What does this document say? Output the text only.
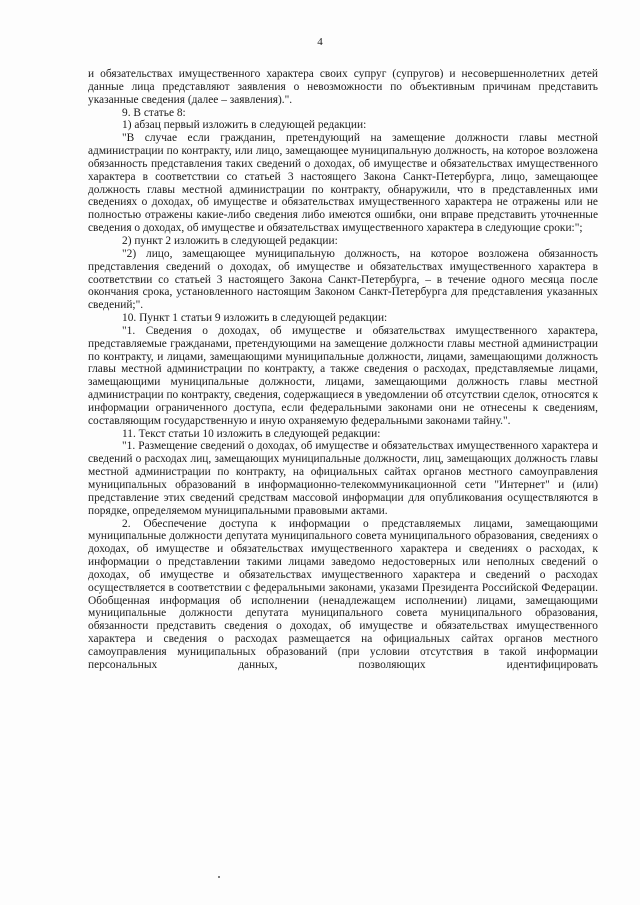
4

и обязательствах имущественного характера своих супруг (супругов) и несовершеннолетних детей данные лица представляют заявления о невозможности по объективным причинам представить указанные сведения (далее – заявления).".

9. В статье 8:

1) абзац первый изложить в следующей редакции:

"В случае если гражданин, претендующий на замещение должности главы местной администрации по контракту, или лицо, замещающее муниципальную должность, на которое возложена обязанность представления таких сведений о доходах, об имуществе и обязательствах имущественного характера в соответствии со статьей 3 настоящего Закона Санкт-Петербурга, лицо, замещающее должность главы местной администрации по контракту, обнаружили, что в представленных ими сведениях о доходах, об имуществе и обязательствах имущественного характера не отражены или не полностью отражены какие-либо сведения либо имеются ошибки, они вправе представить уточненные сведения о доходах, об имуществе и обязательствах имущественного характера в следующие сроки:";

2) пункт 2 изложить в следующей редакции:

"2) лицо, замещающее муниципальную должность, на которое возложена обязанность представления сведений о доходах, об имуществе и обязательствах имущественного характера в соответствии со статьей 3 настоящего Закона Санкт-Петербурга, – в течение одного месяца после окончания срока, установленного настоящим Законом Санкт-Петербурга для представления указанных сведений;".

10. Пункт 1 статьи 9 изложить в следующей редакции:

"1. Сведения о доходах, об имуществе и обязательствах имущественного характера, представляемые гражданами, претендующими на замещение должности главы местной администрации по контракту, и лицами, замещающими муниципальные должности, лицами, замещающими должность главы местной администрации по контракту, а также сведения о расходах, представляемые лицами, замещающими муниципальные должности, лицами, замещающими должность главы местной администрации по контракту, сведения, содержащиеся в уведомлении об отсутствии сделок, относятся к информации ограниченного доступа, если федеральными законами они не отнесены к сведениям, составляющим государственную и иную охраняемую федеральными законами тайну.".

11. Текст статьи 10 изложить в следующей редакции:

"1. Размещение сведений о доходах, об имуществе и обязательствах имущественного характера и сведений о расходах лиц, замещающих муниципальные должности, лиц, замещающих должность главы местной администрации по контракту, на официальных сайтах органов местного самоуправления муниципальных образований в информационно-телекоммуникационной сети "Интернет" и (или) представление этих сведений средствам массовой информации для опубликования осуществляются в порядке, определяемом муниципальными правовыми актами.

2. Обеспечение доступа к информации о представляемых лицами, замещающими муниципальные должности депутата муниципального совета муниципального образования, сведениях о доходах, об имуществе и обязательствах имущественного характера и сведениях о расходах, к информации о представлении такими лицами заведомо недостоверных или неполных сведений о доходах, об имуществе и обязательствах имущественного характера и сведений о расходах осуществляется в соответствии с федеральными законами, указами Президента Российской Федерации. Обобщенная информация об исполнении (ненадлежащем исполнении) лицами, замещающими муниципальные должности депутата муниципального совета муниципального образования, обязанности представить сведения о доходах, об имуществе и обязательствах имущественного характера и сведения о расходах размещается на официальных сайтах органов местного самоуправления муниципальных образований (при условии отсутствия в такой информации персональных данных, позволяющих идентифицировать
